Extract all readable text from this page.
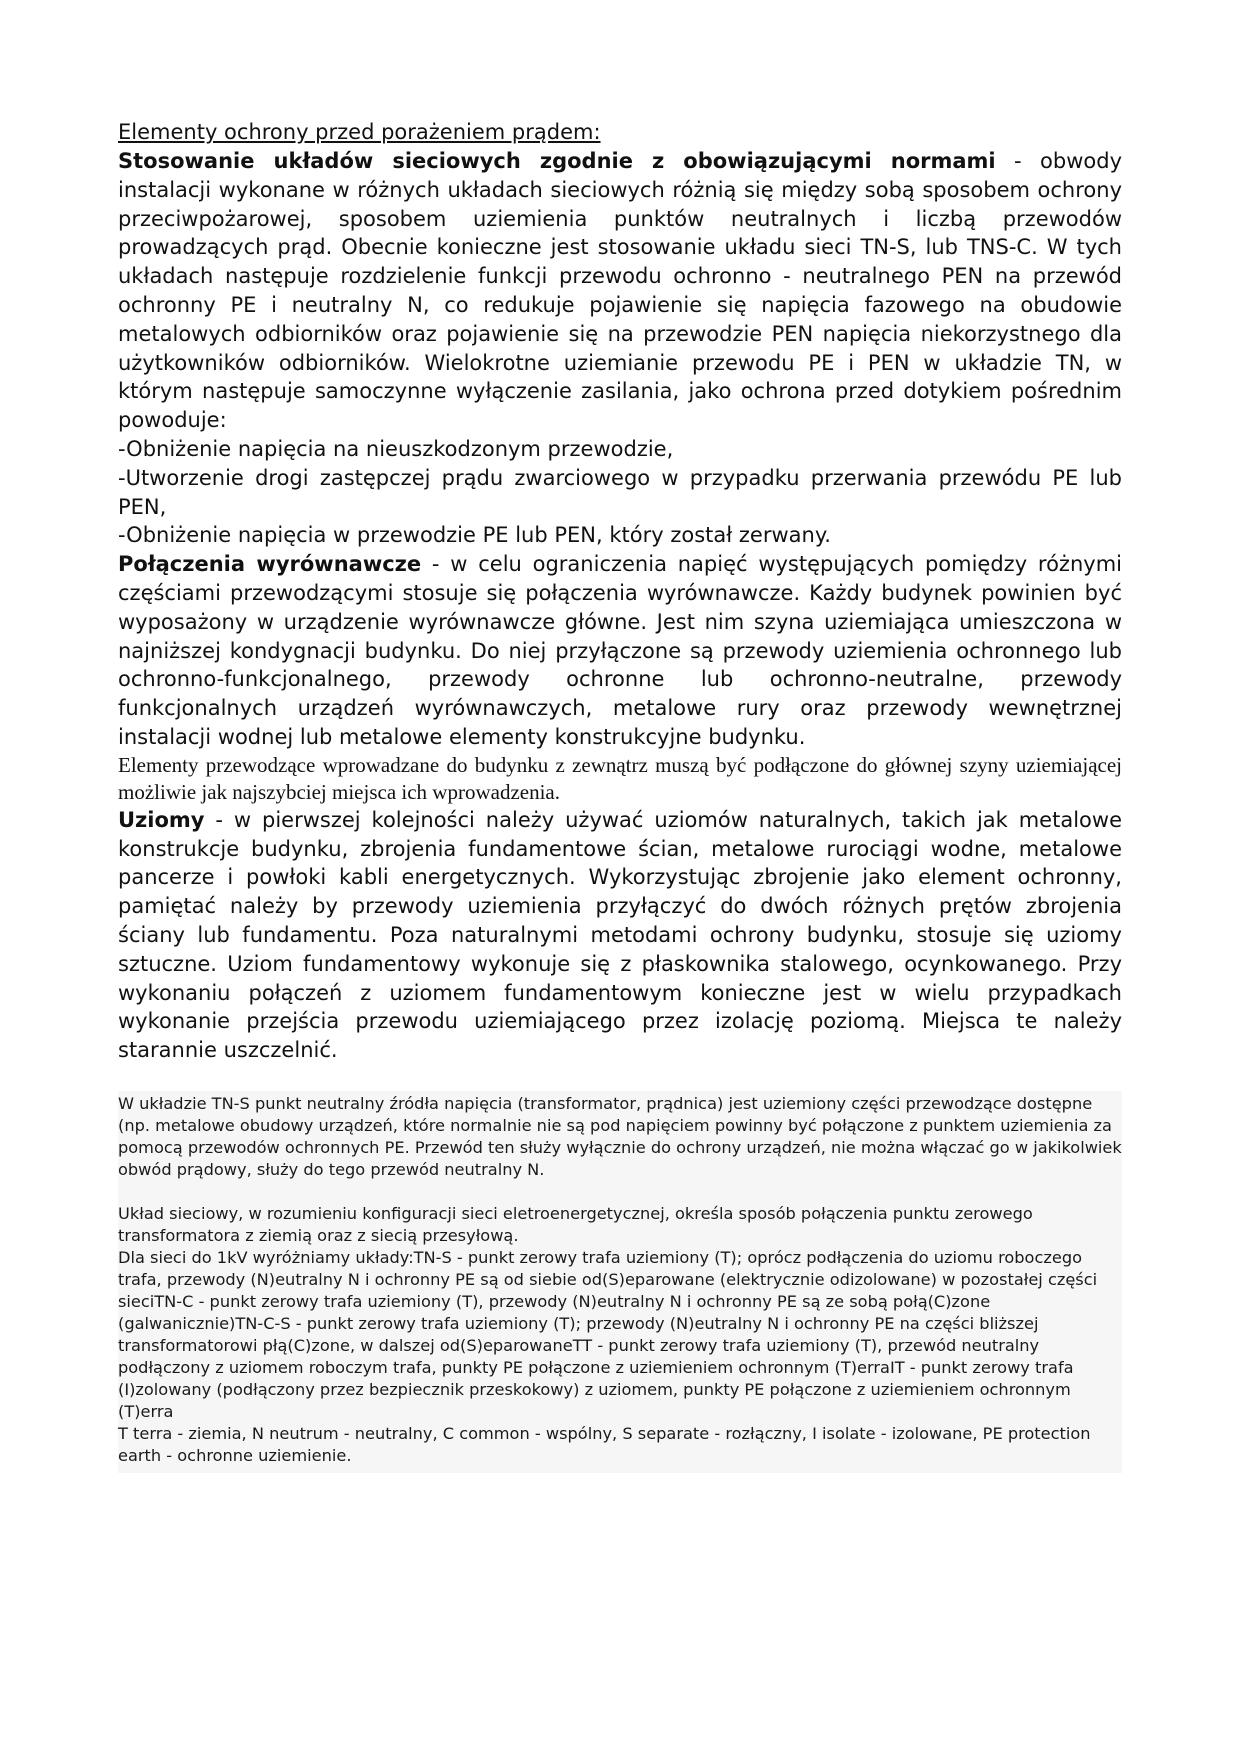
Elementy ochrony przed porażeniem prądem:

Stosowanie układów sieciowych zgodnie z obowiązującymi normami - obwody instalacji wykonane w różnych układach sieciowych różnią się między sobą sposobem ochrony przeciwpożarowej, sposobem uziemienia punktów neutralnych i liczbą przewodów prowadzących prąd. Obecnie konieczne jest stosowanie układu sieci TN-S, lub TNS-C. W tych układach następuje rozdzielenie funkcji przewodu ochronno - neutralnego PEN na przewód ochronny PE i neutralny N, co redukuje pojawienie się napięcia fazowego na obudowie metalowych odbiorników oraz pojawienie się na przewodzie PEN napięcia niekorzystnego dla użytkowników odbiorników. Wielokrotne uziemianie przewodu PE i PEN w układzie TN, w którym następuje samoczynne wyłączenie zasilania, jako ochrona przed dotykiem pośrednim powoduje:

-Obniżenie napięcia na nieuszkodzonym przewodzie,

-Utworzenie drogi zastępczej prądu zwarciowego w przypadku przerwania przewódu PE lub PEN,

-Obniżenie napięcia w przewodzie PE lub PEN, który został zerwany.

Połączenia wyrównawcze - w celu ograniczenia napięć występujących pomiędzy różnymi częściami przewodzącymi stosuje się połączenia wyrównawcze. Każdy budynek powinien być wyposażony w urządzenie wyrównawcze główne. Jest nim szyna uziemiająca umieszczona w najniższej kondygnacji budynku. Do niej przyłączone są przewody uziemienia ochronnego lub ochronno-funkcjonalnego, przewody ochronne lub ochronno-neutralne, przewody funkcjonalnych urządzeń wyrównawczych, metalowe rury oraz przewody wewnętrznej instalacji wodnej lub metalowe elementy konstrukcyjne budynku.

Elementy przewodzące wprowadzane do budynku z zewnątrz muszą być podłączone do głównej szyny uziemiającej możliwie jak najszybciej miejsca ich wprowadzenia.

Uziomy - w pierwszej kolejności należy używać uziomów naturalnych, takich jak metalowe konstrukcje budynku, zbrojenia fundamentowe ścian, metalowe rurociągi wodne, metalowe pancerze i powłoki kabli energetycznych. Wykorzystując zbrojenie jako element ochronny, pamiętać należy by przewody uziemienia przyłączyć do dwóch różnych prętów zbrojenia ściany lub fundamentu. Poza naturalnymi metodami ochrony budynku, stosuje się uziomy sztuczne. Uziom fundamentowy wykonuje się z płaskownika stalowego, ocynkowanego. Przy wykonaniu połączeń z uziomem fundamentowym konieczne jest w wielu przypadkach wykonanie przejścia przewodu uziemiającego przez izolację poziomą. Miejsca te należy starannie uszczelnić.

W układzie TN-S punkt neutralny źródła napięcia (transformator, prądnica) jest uziemiony części przewodzące dostępne (np. metalowe obudowy urządzeń, które normalnie nie są pod napięciem powinny być połączone z punktem uziemienia za pomocą przewodów ochronnych PE. Przewód ten służy wyłącznie do ochrony urządzeń, nie można włączać go w jakikolwiek obwód prądowy, służy do tego przewód neutralny N.

Układ sieciowy, w rozumieniu konfiguracji sieci eletroenergetycznej, określa sposób połączenia punktu zerowego transformatora z ziemią oraz z siecią przesyłową.

Dla sieci do 1kV wyróżniamy układy:TN-S - punkt zerowy trafa uziemiony (T); oprócz podłączenia do uziomu roboczego trafa, przewody (N)eutralny N i ochronny PE są od siebie od(S)eparowane (elektrycznie odizolowane) w pozostałej części sieciTN-C - punkt zerowy trafa uziemiony (T), przewody (N)eutralny N i ochronny PE są ze sobą połą(C)zone (galwanicznie)TN-C-S - punkt zerowy trafa uziemiony (T); przewody (N)eutralny N i ochronny PE na części bliższej transformatorowi płą(C)zone, w dalszej od(S)eparowaneTT - punkt zerowy trafa uziemiony (T), przewód neutralny podłączony z uziomem roboczym trafa, punkty PE połączone z uziemieniem ochronnym (T)erraIT - punkt zerowy trafa (I)zolowany (podłączony przez bezpiecznik przeskokowy) z uziomem, punkty PE połączone z uziemieniem ochronnym (T)erra

T terra - ziemia, N neutrum - neutralny, C common - wspólny, S separate - rozłączny, I isolate - izolowane, PE protection earth - ochronne uziemienie.
